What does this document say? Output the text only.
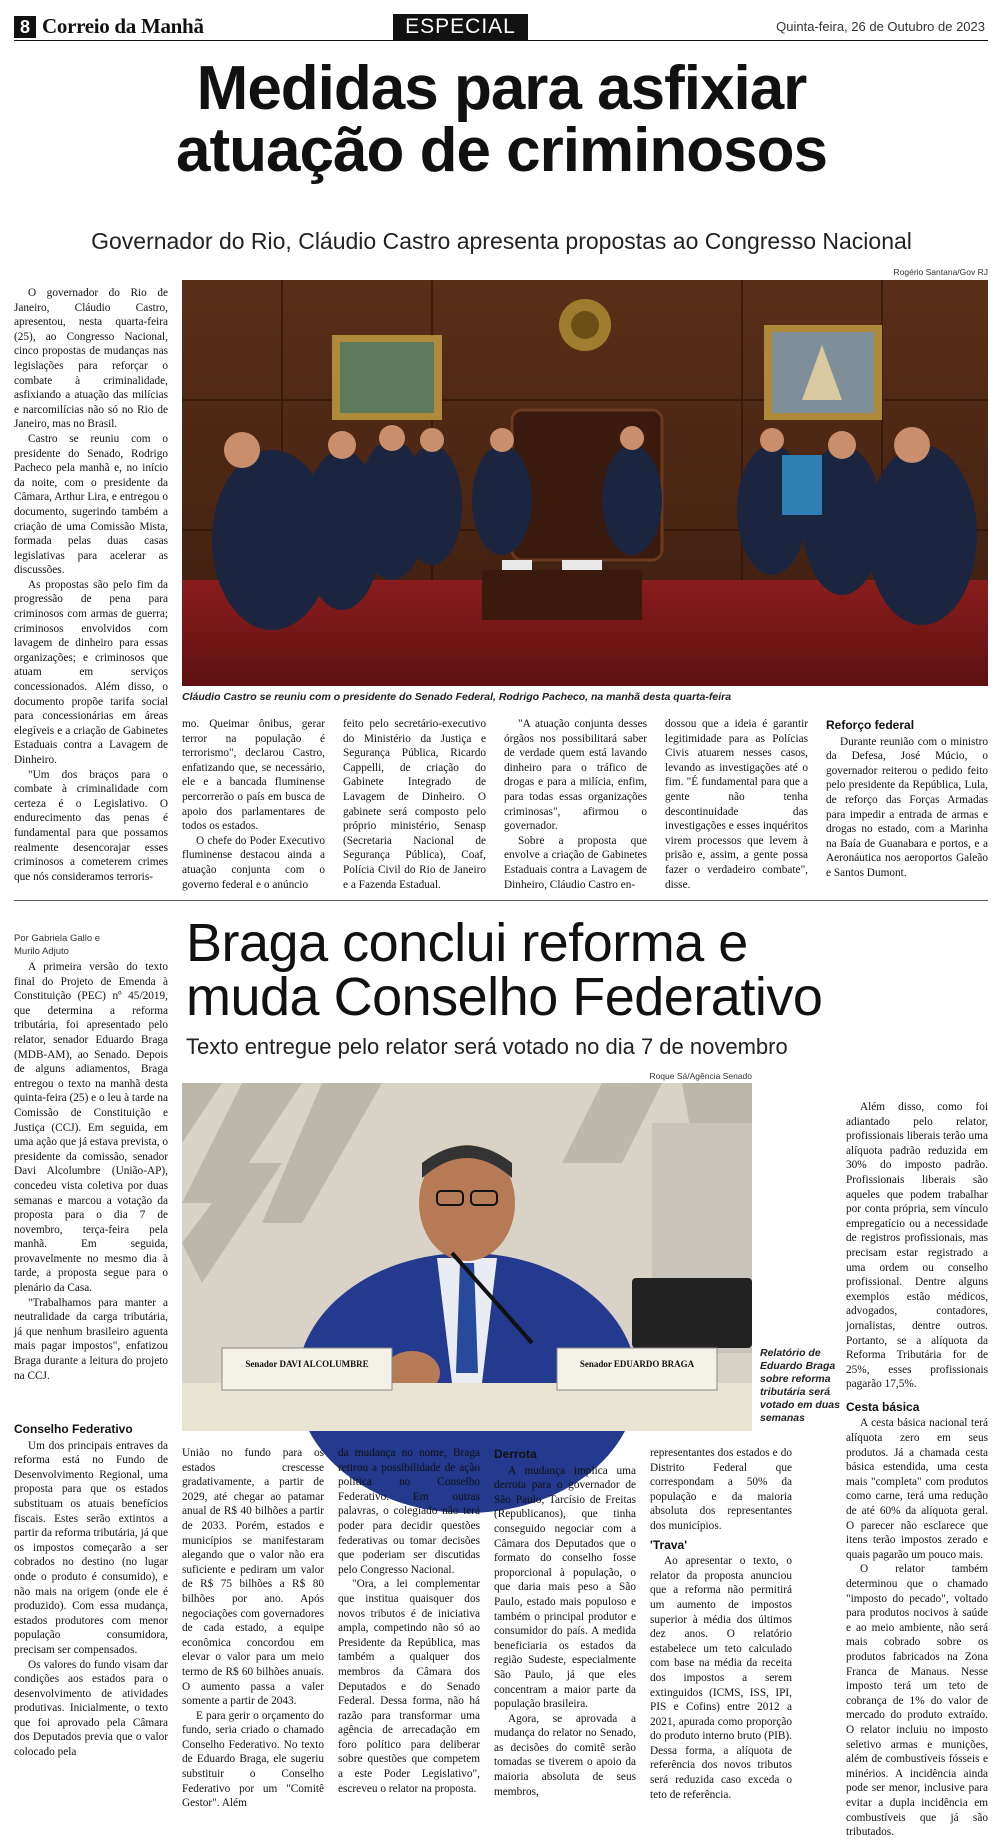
8 Correio da Manhã	ESPECIAL	Quinta-feira, 26 de Outubro de 2023
Medidas para asfixiar
atuação de criminosos
Governador do Rio, Cláudio Castro apresenta propostas ao Congresso Nacional
Rogério Santana/Gov RJ
Cláudio Castro se reuniu com o presidente do Senado Federal, Rodrigo Pacheco, na manhã desta quarta-feira

O governador do Rio de Janeiro, Cláudio Castro, apresentou, nesta quarta-feira (25), ao Congresso Nacional, cinco propostas de mudanças nas legislações para reforçar o combate à criminalidade, asfixiando a atuação das milícias e narcomilícias não só no Rio de Janeiro, mas no Brasil.

Castro se reuniu com o presidente do Senado, Rodrigo Pacheco pela manhã e, no início da noite, com o presidente da Câmara, Arthur Lira, e entregou o documento, sugerindo também a criação de uma Comissão Mista, formada pelas duas casas legislativas para acelerar as discussões.

As propostas são pelo fim da progressão de pena para criminosos com armas de guerra; criminosos envolvidos com lavagem de dinheiro para essas organizações; e criminosos que atuam em serviços concessionados. Além disso, o documento propõe tarifa social para concessionárias em áreas elegíveis e a criação de Gabinetes Estaduais contra a Lavagem de Dinheiro.

"Um dos braços para o combate à criminalidade com certeza é o Legislativo. O endurecimento das penas é fundamental para que possamos realmente desencorajar esses criminosos a cometerem crimes que nós consideramos terroris-

mo. Queimar ônibus, gerar terror na população é terrorismo", declarou Castro, enfatizando que, se necessário, ele e a bancada fluminense percorrerão o país em busca de apoio dos parlamentares de todos os estados.

O chefe do Poder Executivo fluminense destacou ainda a atuação conjunta com o governo federal e o anúncio

feito pelo secretário-executivo do Ministério da Justiça e Segurança Pública, Ricardo Cappelli, de criação do Gabinete Integrado de Lavagem de Dinheiro. O gabinete será composto pelo próprio ministério, Senasp (Secretaria Nacional de Segurança Pública), Coaf, Polícia Civil do Rio de Janeiro e a Fazenda Estadual.

"A atuação conjunta desses órgãos nos possibilitará saber de verdade quem está lavando dinheiro para o tráfico de drogas e para a milícia, enfim, para todas essas organizações criminosas", afirmou o governador.

Sobre a proposta que envolve a criação de Gabinetes Estaduais contra a Lavagem de Dinheiro, Cláudio Castro en-

dossou que a ideia é garantir legitimidade para as Polícias Civis atuarem nesses casos, levando as investigações até o fim. "É fundamental para que a gente não tenha descontinuidade das investigações e esses inquéritos virem processos que levem à prisão e, assim, a gente possa fazer o verdadeiro combate", disse.

Reforço federal

Durante reunião com o ministro da Defesa, José Múcio, o governador reiterou o pedido feito pelo presidente da República, Lula, de reforço das Forças Armadas para impedir a entrada de armas e drogas no estado, com a Marinha na Baía de Guanabara e portos, e a Aeronáutica nos aeroportos Galeão e Santos Dumont.

Por Gabriela Gallo e
Murilo Adjuto	Braga conclui reforma e
muda Conselho Federativo
Texto entregue pelo relator será votado no dia 7 de novembro
Roque Sá/Agência Senado
Senador DAVI ALCOLUMBRE	Senador EDUARDO BRAGA
Relatório de Eduardo Braga sobre reforma tributária será votado em duas semanas

A primeira versão do texto final do Projeto de Emenda à Constituição (PEC) nº 45/2019, que determina a reforma tributária, foi apresentado pelo relator, senador Eduardo Braga (MDB-AM), ao Senado. Depois de alguns adiamentos, Braga entregou o texto na manhã desta quinta-feira (25) e o leu à tarde na Comissão de Constituição e Justiça (CCJ). Em seguida, em uma ação que já estava prevista, o presidente da comissão, senador Davi Alcolumbre (União-AP), concedeu vista coletiva por duas semanas e marcou a votação da proposta para o dia 7 de novembro, terça-feira pela manhã. Em seguida, provavelmente no mesmo dia à tarde, a proposta segue para o plenário da Casa.

"Trabalhamos para manter a neutralidade da carga tributária, já que nenhum brasileiro aguenta mais pagar impostos", enfatizou Braga durante a leitura do projeto na CCJ.

Conselho Federativo

Um dos principais entraves da reforma está no Fundo de Desenvolvimento Regional, uma proposta para que os estados substituam os atuais benefícios fiscais. Estes serão extintos a partir da reforma tributária, já que os impostos começarão a ser cobrados no destino (no lugar onde o produto é consumido), e não mais na origem (onde ele é produzido). Com essa mudança, estados produtores com menor população consumidora, precisam ser compensados.

Os valores do fundo visam dar condições aos estados para o desenvolvimento de atividades produtivas. Inicialmente, o texto que foi aprovado pela Câmara dos Deputados previa que o valor colocado pela

União no fundo para os estados crescesse gradativamente, a partir de 2029, até chegar ao patamar anual de R$ 40 bilhões a partir de 2033. Porém, estados e municípios se manifestaram alegando que o valor não era suficiente e pediram um valor de R$ 75 bilhões a R$ 80 bilhões por ano. Após negociações com governadores de cada estado, a equipe econômica concordou em elevar o valor para um meio termo de R$ 60 bilhões anuais. O aumento passa a valer somente a partir de 2043.

E para gerir o orçamento do fundo, seria criado o chamado Conselho Federativo. No texto de Eduardo Braga, ele sugeriu substituir o Conselho Federativo por um "Comitê Gestor". Além

da mudança no nome, Braga retirou a possibilidade de ação política no Conselho Federativo. Em outras palavras, o colegiado não terá poder para decidir questões federativas ou tomar decisões que poderiam ser discutidas pelo Congresso Nacional.

"Ora, a lei complementar que institua quaisquer dos novos tributos é de iniciativa ampla, competindo não só ao Presidente da República, mas também a qualquer dos membros da Câmara dos Deputados e do Senado Federal. Dessa forma, não há razão para transformar uma agência de arrecadação em foro político para deliberar sobre questões que competem a este Poder Legislativo", escreveu o relator na proposta.

Derrota

A mudança implica uma derrota para o governador de São Paulo, Tarcísio de Freitas (Republicanos), que tinha conseguido negociar com a Câmara dos Deputados que o formato do conselho fosse proporcional à população, o que daria mais peso a São Paulo, estado mais populoso e também o principal produtor e consumidor do país. A medida beneficiaria os estados da região Sudeste, especialmente São Paulo, já que eles concentram a maior parte da população brasileira.

Agora, se aprovada a mudança do relator no Senado, as decisões do comitê serão tomadas se tiverem o apoio da maioria absoluta de seus membros,

representantes dos estados e do Distrito Federal que correspondam a 50% da população e da maioria absoluta dos representantes dos municípios.

'Trava'

Ao apresentar o texto, o relator da proposta anunciou que a reforma não permitirá um aumento de impostos superior à média dos últimos dez anos. O relatório estabelece um teto calculado com base na média da receita dos impostos a serem extinguidos (ICMS, ISS, IPI, PIS e Cofins) entre 2012 a 2021, apurada como proporção do produto interno bruto (PIB). Dessa forma, a alíquota de referência dos novos tributos será reduzida caso exceda o teto de referência.

Além disso, como foi adiantado pelo relator, profissionais liberais terão uma alíquota padrão reduzida em 30% do imposto padrão. Profissionais liberais são aqueles que podem trabalhar por conta própria, sem vínculo empregatício ou a necessidade de registros profissionais, mas precisam estar registrado a uma ordem ou conselho profissional. Dentre alguns exemplos estão médicos, advogados, contadores, jornalistas, dentre outros. Portanto, se a alíquota da Reforma Tributária for de 25%, esses profissionais pagarão 17,5%.

Cesta básica

A cesta básica nacional terá alíquota zero em seus produtos. Já a chamada cesta básica estendida, uma cesta mais "completa" com produtos como carne, terá uma redução de até 60% da alíquota geral. O parecer não esclarece que itens terão impostos zerado e quais pagarão um pouco mais.

O relator também determinou que o chamado "imposto do pecado", voltado para produtos nocivos à saúde e ao meio ambiente, não será mais cobrado sobre os produtos fabricados na Zona Franca de Manaus. Nesse imposto terá um teto de cobrança de 1% do valor de mercado do produto extraído. O relator incluiu no imposto seletivo armas e munições, além de combustíveis fósseis e minérios. A incidência ainda pode ser menor, inclusive para evitar a dupla incidência em combustíveis que já são tributados.
